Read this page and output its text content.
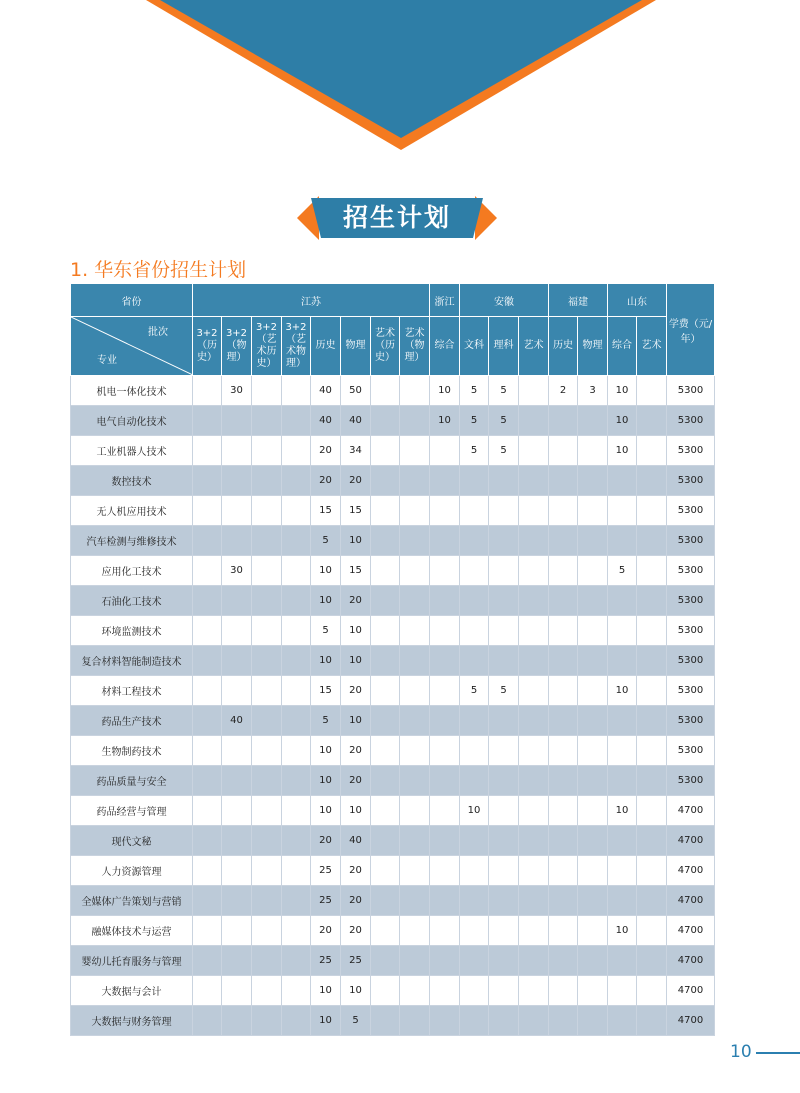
招生计划
1. 华东省份招生计划
省份	江苏								浙江	安徽			福建		山东		学费（元/年）

批次
专业	3+2（历史）	3+2（物理）	3+2（艺术历史）	3+2（艺术物理）	历史	物理	艺术（历史）	艺术（物理）	综合	文科	理科	艺术	历史	物理	综合	艺术	
机电一体化技术		30			40	50			10	5	5		2	3	10		5300
电气自动化技术					40	40			10	5	5				10		5300
工业机器人技术					20	34				5	5				10		5300
数控技术					20	20											5300
无人机应用技术					15	15											5300
汽车检测与维修技术					5	10											5300
应用化工技术		30			10	15									5		5300
石油化工技术					10	20											5300
环境监测技术					5	10											5300
复合材料智能制造技术					10	10											5300
材料工程技术					15	20				5	5				10		5300
药品生产技术		40			5	10											5300
生物制药技术					10	20											5300
药品质量与安全					10	20											5300
药品经营与管理					10	10				10					10		4700
现代文秘					20	40											4700
人力资源管理					25	20											4700
全媒体广告策划与营销					25	20											4700
融媒体技术与运营					20	20									10		4700
婴幼儿托育服务与管理					25	25											4700
大数据与会计					10	10											4700
大数据与财务管理					10	5											4700
10
